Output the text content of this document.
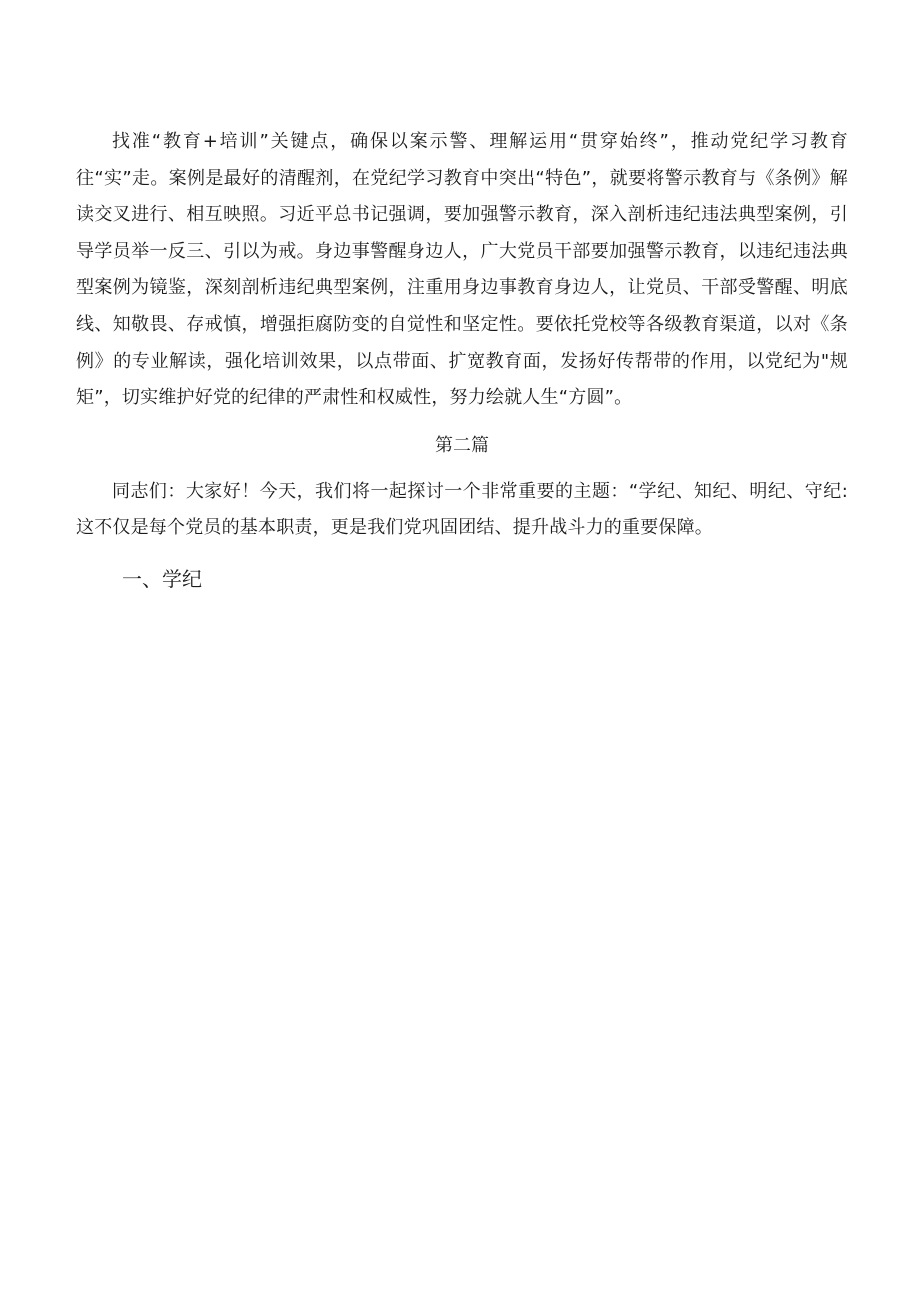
找准“教育+培训”关键点，确保以案示警、理解运用“贯穿始终”，推动党纪学习教育往“实”走。案例是最好的清醒剂，在党纪学习教育中突出“特色”，就要将警示教育与《条例》解读交叉进行、相互映照。习近平总书记强调，要加强警示教育，深入剖析违纪违法典型案例，引导学员举一反三、引以为戒。身边事警醒身边人，广大党员干部要加强警示教育，以违纪违法典型案例为镜鉴，深刻剖析违纪典型案例，注重用身边事教育身边人，让党员、干部受警醒、明底线、知敬畏、存戒慎，增强拒腐防变的自觉性和坚定性。要依托党校等各级教育渠道，以对《条例》的专业解读，强化培训效果，以点带面、扩宽教育面，发扬好传帮带的作用，以党纪为"规矩”，切实维护好党的纪律的严肃性和权威性，努力绘就人生“方圆”。

第二篇

同志们：大家好！今天，我们将一起探讨一个非常重要的主题：“学纪、知纪、明纪、守纪:这不仅是每个党员的基本职责，更是我们党巩固团结、提升战斗力的重要保障。

一、学纪
